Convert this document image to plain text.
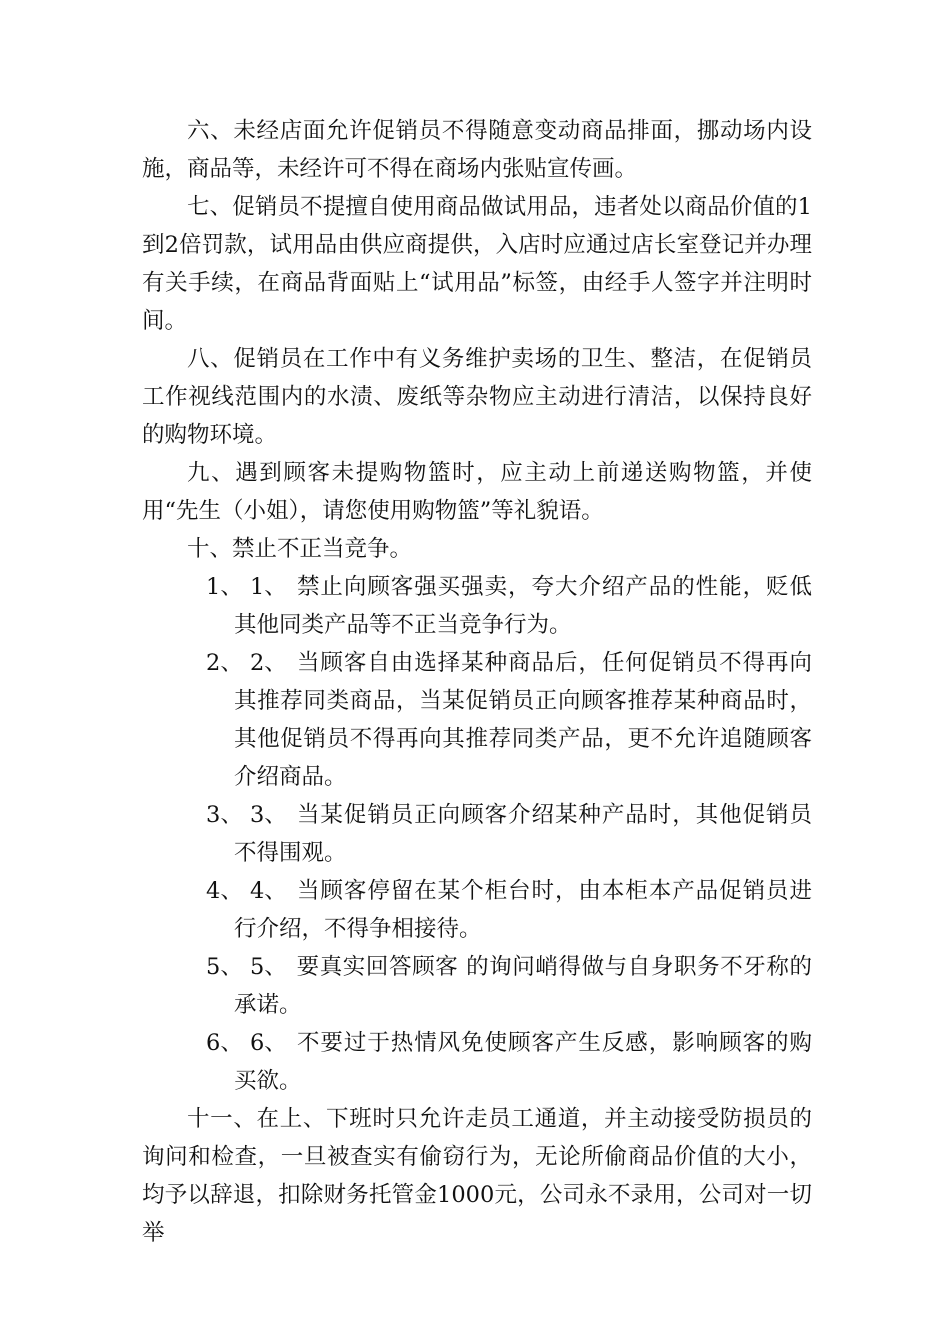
六、未经店面允许促销员不得随意变动商品排面，挪动场内设施，商品等，未经许可不得在商场内张贴宣传画。

七、促销员不提擅自使用商品做试用品，违者处以商品价值的1到2倍罚款，试用品由供应商提供，入店时应通过店长室登记并办理有关手续，在商品背面贴上“试用品”标签，由经手人签字并注明时间。

八、促销员在工作中有义务维护卖场的卫生、整洁，在促销员工作视线范围内的水渍、废纸等杂物应主动进行清洁，以保持良好的购物环境。

九、遇到顾客未提购物篮时，应主动上前递送购物篮，并使用“先生（小姐），请您使用购物篮”等礼貌语。

十、禁止不正当竞争。

1、 1、 禁止向顾客强买强卖，夸大介绍产品的性能，贬低其他同类产品等不正当竞争行为。

2、 2、 当顾客自由选择某种商品后，任何促销员不得再向其推荐同类商品，当某促销员正向顾客推荐某种商品时，其他促销员不得再向其推荐同类产品，更不允许追随顾客介绍商品。

3、 3、 当某促销员正向顾客介绍某种产品时，其他促销员不得围观。

4、 4、 当顾客停留在某个柜台时，由本柜本产品促销员进行介绍，不得争相接待。

5、 5、 要真实回答顾客 的询问峭得做与自身职务不牙称的承诺。

6、 6、 不要过于热情风免使顾客产生反感，影响顾客的购买欲。

十一、在上、下班时只允许走员工通道，并主动接受防损员的询问和检查，一旦被查实有偷窃行为，无论所偷商品价值的大小，均予以辞退，扣除财务托管金1000元，公司永不录用，公司对一切举
